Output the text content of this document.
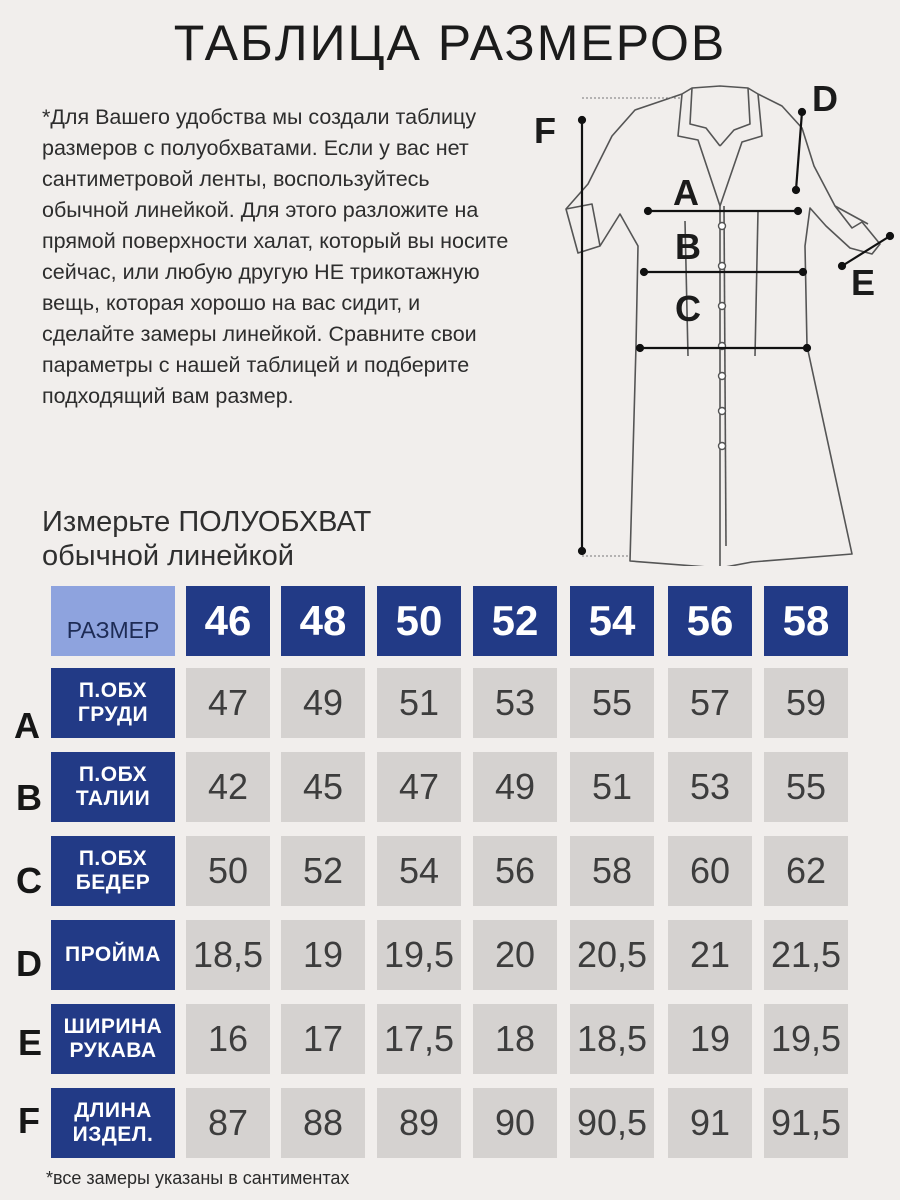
ТАБЛИЦА РАЗМЕРОВ

*Для Вашего удобства мы создали таблицу размеров с полуобхватами. Если у вас нет сантиметровой ленты, воспользуйтесь обычной линейкой. Для этого разложите на прямой поверхности халат, который вы носите сейчас, или любую другую НЕ трикотажную вещь, которая хорошо на вас сидит, и сделайте замеры линейкой. Сравните свои параметры с нашей таблицей и подберите подходящий вам размер.

Измерьте ПОЛУОБХВАТ обычной линейкой

A
B
C
D
E
F
РАЗМЕР	46	48	50	52	54	56	58
A
П.ОБХ
ГРУДИ	47	49	51	53	55	57	59
B
П.ОБХ
ТАЛИИ	42	45	47	49	51	53	55
C
П.ОБХ
БЕДЕР	50	52	54	56	58	60	62
D ПРОЙМА 18,5	19	19,5	20	20,5	21	21,5
E ШИРИНА
РУКАВА	16	17	17,5	18	18,5	19	19,5
F ДЛИНА
ИЗДЕЛ.	87	88	89	90	90,5	91	91,5
*все замеры указаны в сантиментах
